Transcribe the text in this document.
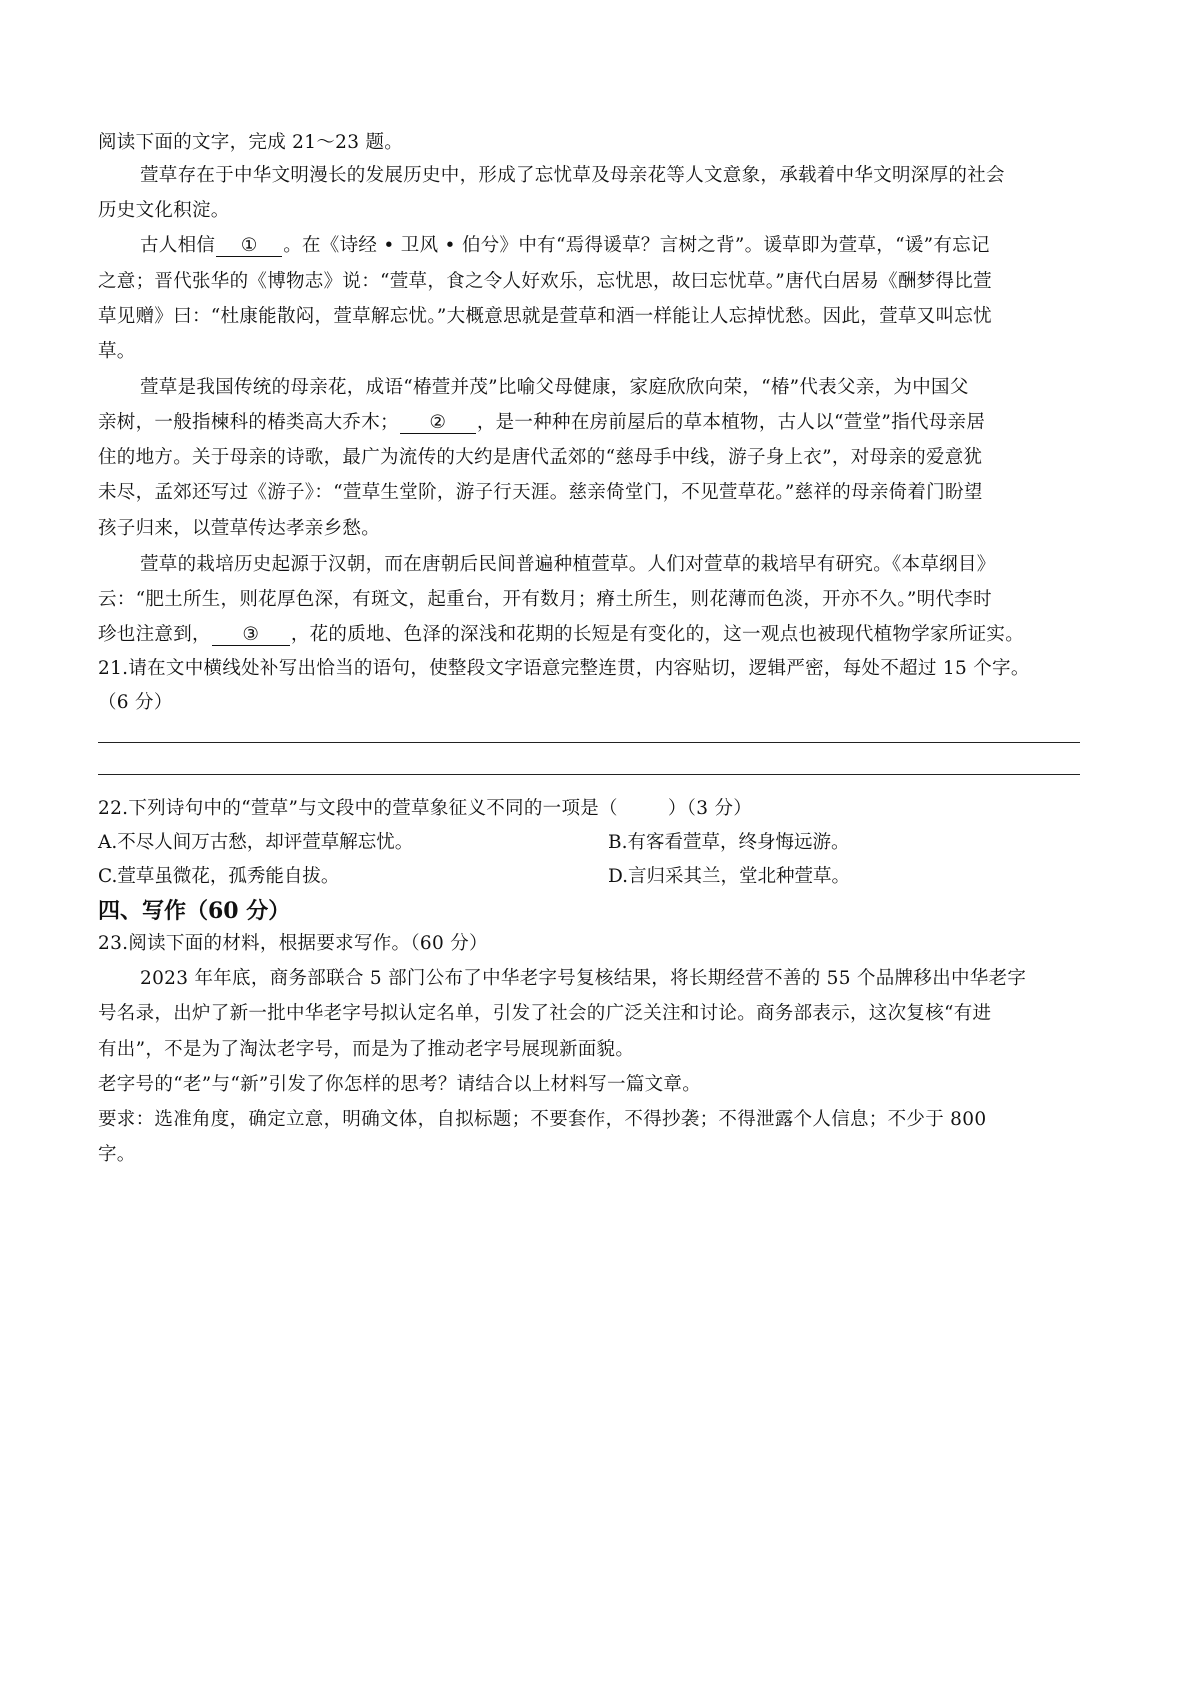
阅读下面的文字，完成 21～23 题。
萱草存在于中华文明漫长的发展历史中，形成了忘忧草及母亲花等人文意象，承载着中华文明深厚的社会
历史文化积淀。
古人相信 ① 。在《诗经 • 卫风 • 伯兮》中有“焉得谖草？言树之背”。谖草即为萱草，“谖”有忘记
之意；晋代张华的《博物志》说：“萱草，食之令人好欢乐，忘忧思，故曰忘忧草。”唐代白居易《酬梦得比萱
草见赠》曰：“杜康能散闷，萱草解忘忧。”大概意思就是萱草和酒一样能让人忘掉忧愁。因此，萱草又叫忘忧
草。
萱草是我国传统的母亲花，成语“椿萱并茂”比喻父母健康，家庭欣欣向荣，“椿”代表父亲，为中国父
亲树，一般指楝科的椿类高大乔木； ② ，是一种种在房前屋后的草本植物，古人以“萱堂”指代母亲居
住的地方。关于母亲的诗歌，最广为流传的大约是唐代孟郊的“慈母手中线，游子身上衣”，对母亲的爱意犹
未尽，孟郊还写过《游子》：“萱草生堂阶，游子行天涯。慈亲倚堂门，不见萱草花。”慈祥的母亲倚着门盼望
孩子归来，以萱草传达孝亲乡愁。
萱草的栽培历史起源于汉朝，而在唐朝后民间普遍种植萱草。人们对萱草的栽培早有研究。《本草纲目》
云：“肥土所生，则花厚色深，有斑文，起重台，开有数月；瘠土所生，则花薄而色淡，开亦不久。”明代李时
珍也注意到， ③ ，花的质地、色泽的深浅和花期的长短是有变化的，这一观点也被现代植物学家所证实。
21.请在文中横线处补写出恰当的语句，使整段文字语意完整连贯，内容贴切，逻辑严密，每处不超过 15 个字。
（6 分）
22.下列诗句中的“萱草”与文段中的萱草象征义不同的一项是（	）（3 分）
A.不尽人间万古愁，却评萱草解忘忧。	B.有客看萱草，终身悔远游。
C.萱草虽微花，孤秀能自拔。	D.言归采其兰，堂北种萱草。
四、写作（60 分）
23.阅读下面的材料，根据要求写作。（60 分）
2023 年年底，商务部联合 5 部门公布了中华老字号复核结果，将长期经营不善的 55 个品牌移出中华老字
号名录，出炉了新一批中华老字号拟认定名单，引发了社会的广泛关注和讨论。商务部表示，这次复核“有进
有出”，不是为了淘汰老字号，而是为了推动老字号展现新面貌。
老字号的“老”与“新”引发了你怎样的思考？请结合以上材料写一篇文章。
要求：选准角度，确定立意，明确文体，自拟标题；不要套作，不得抄袭；不得泄露个人信息；不少于 800
字。
